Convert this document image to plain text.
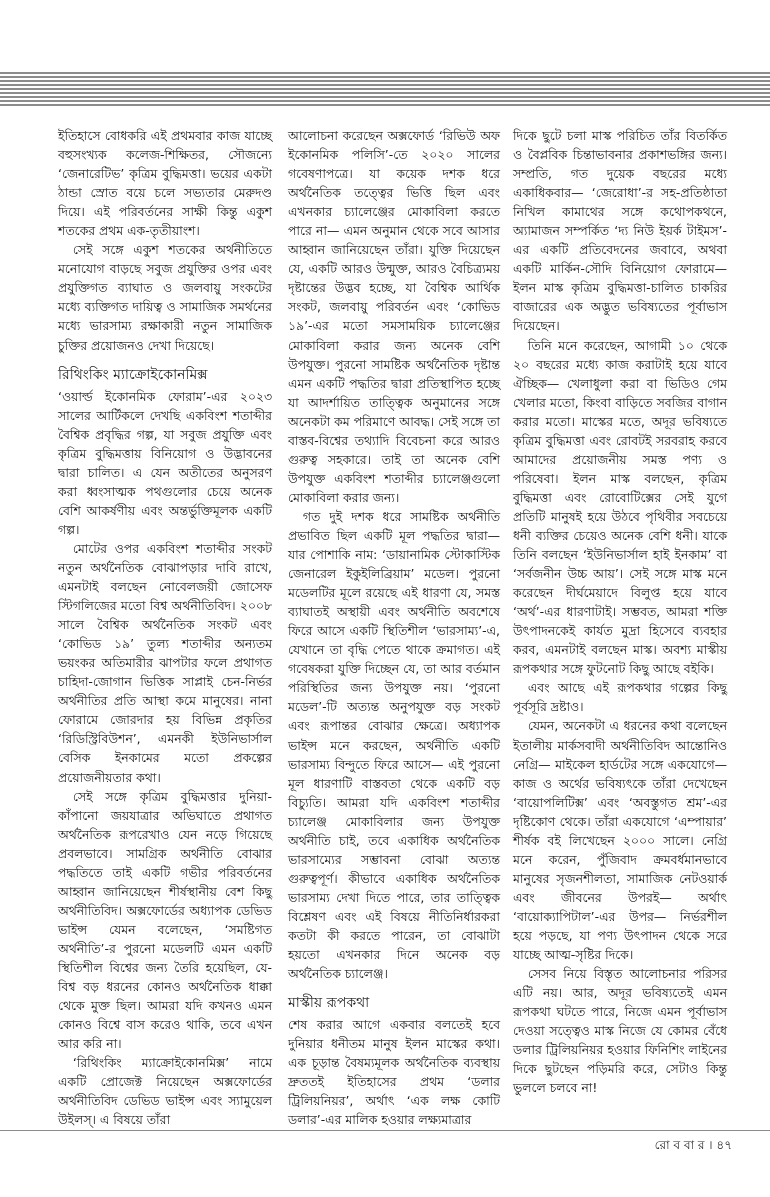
ইতিহাসে বোধকরি এই প্রথমবার কাজ যাচ্ছে বহুসংখ্যক কলেজ-শিক্ষিতর, সৌজন্যে ‘জেনারেটিভ’ কৃত্রিম বুদ্ধিমত্তা। ভয়ের একটা ঠান্ডা স্রোত বয়ে চলে সভ্যতার মেরুদণ্ড দিয়ে। এই পরিবর্তনের সাক্ষী কিন্তু একুশ শতকের প্রথম এক-তৃতীয়াংশ।

সেই সঙ্গে একুশ শতকের অর্থনীতিতে মনোযোগ বাড়ছে সবুজ প্রযুক্তির ওপর এবং প্রযুক্তিগত ব্যাঘাত ও জলবায়ু সংকটের মধ্যে ব্যক্তিগত দায়িত্ব ও সামাজিক সমর্থনের মধ্যে ভারসাম্য রক্ষাকারী নতুন সামাজিক চুক্তির প্রয়োজনও দেখা দিয়েছে।

রিথিংকিং ম্যাক্রোইকোনমিক্স

‘ওয়ার্ল্ড ইকোনমিক ফোরাম’-এর ২০২৩ সালের আর্টিকলে দেখছি একবিংশ শতাব্দীর বৈশ্বিক প্রবৃদ্ধির গল্প, যা সবুজ প্রযুক্তি এবং কৃত্রিম বুদ্ধিমত্তায় বিনিয়োগ ও উদ্ভাবনের দ্বারা চালিত। এ যেন অতীতের অনুসরণ করা ধ্বংসাত্মক পথগুলোর চেয়ে অনেক বেশি আকর্ষণীয় এবং অন্তর্ভুক্তিমূলক একটি গল্প।

মোটের ওপর একবিংশ শতাব্দীর সংকট নতুন অর্থনৈতিক বোঝাপড়ার দাবি রাখে, এমনটাই বলছেন নোবেলজয়ী জোসেফ স্টিগলিজের মতো বিশ্ব অর্থনীতিবিদ। ২০০৮ সালে বৈশ্বিক অর্থনৈতিক সংকট এবং ‘কোভিড ১৯’ তুল্য শতাব্দীর অন্যতম ভয়ংকর অতিমারীর ঝাপটার ফলে প্রথাগত চাহিদা-জোগান ভিত্তিক সাপ্লাই চেন-নির্ভর অর্থনীতির প্রতি আস্থা কমে মানুষের। নানা ফোরামে জোরদার হয় বিভিন্ন প্রকৃতির ‘রিডিস্ট্রিবিউশন’, এমনকী ইউনিভার্সাল বেসিক ইনকামের মতো প্রকল্পের প্রয়োজনীয়তার কথা।

সেই সঙ্গে কৃত্রিম বুদ্ধিমত্তার দুনিয়া-কাঁপানো জয়যাত্রার অভিঘাতে প্রথাগত অর্থনৈতিক রূপরেখাও যেন নড়ে গিয়েছে প্রবলভাবে। সামগ্রিক অর্থনীতি বোঝার পদ্ধতিতে তাই একটি গভীর পরিবর্তনের আহ্বান জানিয়েছেন শীর্ষস্থানীয় বেশ কিছু অর্থনীতিবিদ। অক্সফোর্ডের অধ্যাপক ডেভিড ভাইন্স যেমন বলেছেন, ‘সমষ্টিগত অর্থনীতি’-র পুরনো মডেলটি এমন একটি স্থিতিশীল বিশ্বের জন্য তৈরি হয়েছিল, যে-বিশ্ব বড় ধরনের কোনও অর্থনৈতিক ধাক্কা থেকে মুক্ত ছিল। আমরা যদি কখনও এমন কোনও বিশ্বে বাস করেও থাকি, তবে এখন আর করি না।

‘রিথিংকিং ম্যাক্রোইকোনমিক্স’ নামে একটি প্রোজেক্ট নিয়েছেন অক্সফোর্ডের অর্থনীতিবিদ ডেভিড ভাইন্স এবং স্যামুয়েল উইলস্‌। এ বিষয়ে তাঁরা

আলোচনা করেছেন অক্সফোর্ড ‘রিভিউ অফ ইকোনমিক পলিসি’-তে ২০২০ সালের গবেষণাপত্রে। যা কয়েক দশক ধরে অর্থনৈতিক তত্ত্বের ভিত্তি ছিল এবং এখনকার চ্যালেঞ্জের মোকাবিলা করতে পারে না— এমন অনুমান থেকে সবে আসার আহ্বান জানিয়েছেন তাঁরা। যুক্তি দিয়েছেন যে, একটি আরও উন্মুক্ত, আরও বৈচিত্র্যময় দৃষ্টান্তের উদ্ভব হচ্ছে, যা বৈশ্বিক আর্থিক সংকট, জলবায়ু পরিবর্তন এবং ‘কোভিড ১৯’-এর মতো সমসাময়িক চ্যালেঞ্জের মোকাবিলা করার জন্য অনেক বেশি উপযুক্ত। পুরনো সামষ্টিক অর্থনৈতিক দৃষ্টান্ত এমন একটি পদ্ধতির দ্বারা প্রতিস্থাপিত হচ্ছে যা আদর্শায়িত তাত্ত্বিক অনুমানের সঙ্গে অনেকটা কম পরিমাণে আবদ্ধ। সেই সঙ্গে তা বাস্তব-বিশ্বের তথ্যাদি বিবেচনা করে আরও গুরুত্ব সহকারে। তাই তা অনেক বেশি উপযুক্ত একবিংশ শতাব্দীর চ্যালেঞ্জগুলো মোকাবিলা করার জন্য।

গত দুই দশক ধরে সামষ্টিক অর্থনীতি প্রভাবিত ছিল একটি মূল পদ্ধতির দ্বারা— যার পোশাকি নাম: ‘ডায়ানামিক স্টোকাস্টিক জেনারেল ইকুইলিব্রিয়াম’ মডেল। পুরনো মডেলটির মূলে রয়েছে এই ধারণা যে, সমস্ত ব্যাঘাতই অস্থায়ী এবং অর্থনীতি অবশেষে ফিরে আসে একটি স্থিতিশীল ‘ভারসাম্য’-এ, যেখানে তা বৃদ্ধি পেতে থাকে ক্রমাগত। এই গবেষকরা যুক্তি দিচ্ছেন যে, তা আর বর্তমান পরিস্থিতির জন্য উপযুক্ত নয়। ‘পুরনো মডেল’-টি অত্যন্ত অনুপযুক্ত বড় সংকট এবং রূপান্তর বোঝার ক্ষেত্রে। অধ্যাপক ভাইন্স মনে করছেন, অর্থনীতি একটি ভারসাম্য বিন্দুতে ফিরে আসে— এই পুরনো মূল ধারণাটি বাস্তবতা থেকে একটি বড় বিচ্যুতি। আমরা যদি একবিংশ শতাব্দীর চ্যালেঞ্জ মোকাবিলার জন্য উপযুক্ত অর্থনীতি চাই, তবে একাধিক অর্থনৈতিক ভারসাম্যের সম্ভাবনা বোঝা অত্যন্ত গুরুত্বপূর্ণ। কীভাবে একাধিক অর্থনৈতিক ভারসাম্য দেখা দিতে পারে, তার তাত্ত্বিক বিশ্লেষণ এবং এই বিষয়ে নীতিনির্ধারকরা কতটা কী করতে পারেন, তা বোঝাটা হয়তো এখনকার দিনে অনেক বড় অর্থনৈতিক চ্যালেঞ্জ।

মাস্কীয় রূপকথা

শেষ করার আগে একবার বলতেই হবে দুনিয়ার ধনীতম মানুষ ইলন মাস্কের কথা। এক চূড়ান্ত বৈষম্যমূলক অর্থনৈতিক ব্যবস্থায় দ্রুততই ইতিহাসের প্রথম ‘ডলার ট্রিলিয়নিয়র’, অর্থাৎ ‘এক লক্ষ কোটি ডলার’-এর মালিক হওয়ার লক্ষ্যমাত্রার

দিকে ছুটে চলা মাস্ক পরিচিত তাঁর বিতর্কিত ও বৈপ্লবিক চিন্তাভাবনার প্রকাশভঙ্গির জন্য। সম্প্রতি, গত দুয়েক বছরের মধ্যে একাধিকবার— ‘জেরোধা’-র সহ-প্রতিষ্ঠাতা নিখিল কামাথের সঙ্গে কথোপকথনে, অ্যামাজন সম্পর্কিত ‘দ্য নিউ ইয়র্ক টাইমস’-এর একটি প্রতিবেদনের জবাবে, অথবা একটি মার্কিন-সৌদি বিনিয়োগ ফোরামে— ইলন মাস্ক কৃত্রিম বুদ্ধিমত্তা-চালিত চাকরির বাজারের এক অদ্ভুত ভবিষ্যতের পূর্বাভাস দিয়েছেন।

তিনি মনে করেছেন, আগামী ১০ থেকে ২০ বছরের মধ্যে কাজ করাটাই হয়ে যাবে ঐচ্ছিক— খেলাধুলা করা বা ভিডিও গেম খেলার মতো, কিংবা বাড়িতে সবজির বাগান করার মতো। মাস্কের মতে, অদূর ভবিষ্যতে কৃত্রিম বুদ্ধিমত্তা এবং রোবটই সরবরাহ করবে আমাদের প্রয়োজনীয় সমস্ত পণ্য ও পরিষেবা। ইলন মাস্ক বলছেন, কৃত্রিম বুদ্ধিমত্তা এবং রোবোটিক্সের সেই যুগে প্রতিটি মানুষই হয়ে উঠবে পৃথিবীর সবচেয়ে ধনী ব্যক্তির চেয়েও অনেক বেশি ধনী। যাকে তিনি বলছেন ‘ইউনিভার্সাল হাই ইনকাম’ বা ‘সর্বজনীন উচ্চ আয়’। সেই সঙ্গে মাস্ক মনে করেছেন দীর্ঘমেয়াদে বিলুপ্ত হয়ে যাবে ‘অর্থ’-এর ধারণাটাই। সম্ভবত, আমরা শক্তি উৎপাদনকেই কার্যত মুদ্রা হিসেবে ব্যবহার করব, এমনটাই বলছেন মাস্ক। অবশ্য মাস্কীয় রূপকথার সঙ্গে ফুটনোট কিছু আছে বইকি।

এবং আছে এই রূপকথার গল্পের কিছু পূর্বসূরি দ্রষ্টাও।

যেমন, অনেকটা এ ধরনের কথা বলেছেন ইতালীয় মার্কসবাদী অর্থনীতিবিদ আন্তোনিও নেগ্রি— মাইকেল হার্ডটের সঙ্গে একযোগে— কাজ ও অর্থের ভবিষ্যৎকে তাঁরা দেখেছেন ‘বায়োপলিটিক্স’ এবং ‘অবস্তুগত শ্রম’-এর দৃষ্টিকোণ থেকে। তাঁরা একযোগে ‘এম্পায়ার’ শীর্ষক বই লিখেছেন ২০০০ সালে। নেগ্রি মনে করেন, পুঁজিবাদ ক্রমবর্ধমানভাবে মানুষের সৃজনশীলতা, সামাজিক নেটওয়ার্ক এবং জীবনের উপরই— অর্থাৎ ‘বায়োক্যাপিটাল’-এর উপর— নির্ভরশীল হয়ে পড়ছে, যা পণ্য উৎপাদন থেকে সরে যাচ্ছে আত্ম-সৃষ্টির দিকে।

সেসব নিয়ে বিস্তৃত আলোচনার পরিসর এটি নয়। আর, অদূর ভবিষ্যতেই এমন রূপকথা ঘটতে পারে, নিজে এমন পূর্বাভাস দেওয়া সত্ত্বেও মাস্ক নিজে যে কোমর বেঁধে ডলার ট্রিলিয়নিয়র হওয়ার ফিনিশিং লাইনের দিকে ছুটছেন পড়িমরি করে, সেটাও কিন্তু ভুললে চলবে না!

রো ব বা র । ৪৭
